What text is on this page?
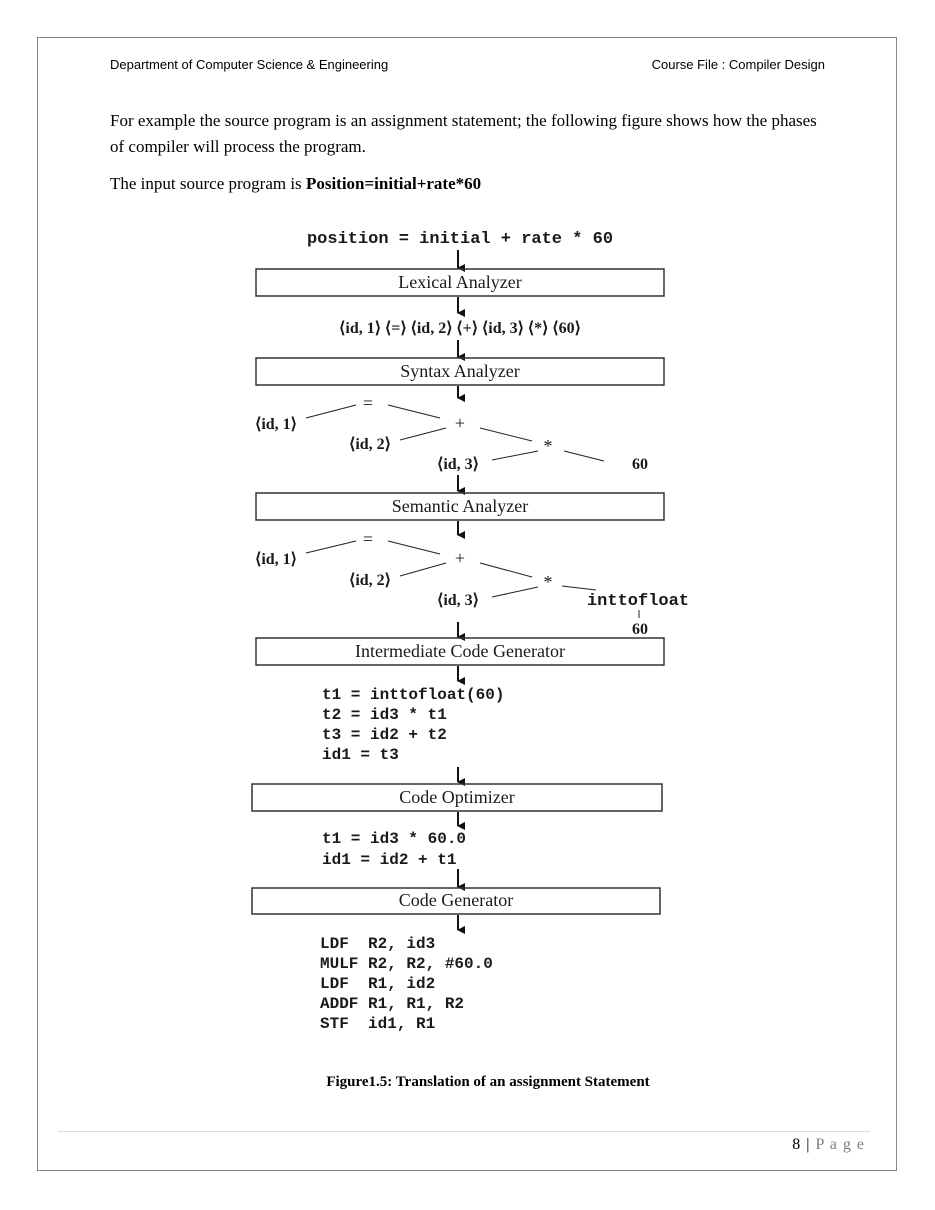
Department of Computer Science & Engineering	Course File : Compiler Design

For example the source program is an assignment statement; the following figure shows how the phases of compiler will process the program.

The input source program is Position=initial+rate*60

position = initial + rate * 60
Lexical Analyzer
⟨id, 1⟩ ⟨=⟩ ⟨id, 2⟩ ⟨+⟩ ⟨id, 3⟩ ⟨*⟩ ⟨60⟩
Syntax Analyzer
=
⟨id, 1⟩	+
⟨id, 2⟩	*
⟨id, 3⟩	60
Semantic Analyzer
=
⟨id, 1⟩	+
⟨id, 2⟩	*
⟨id, 3⟩	inttofloat
60
Intermediate Code Generator
t1 = inttofloat(60)
t2 = id3 * t1
t3 = id2 + t2
id1 = t3
Code Optimizer
t1 = id3 * 60.0
id1 = id2 + t1
Code Generator
LDF  R2, id3
MULF R2, R2, #60.0
LDF  R1, id2
ADDF R1, R1, R2
STF  id1, R1
Figure1.5: Translation of an assignment Statement
8 | P a g e
